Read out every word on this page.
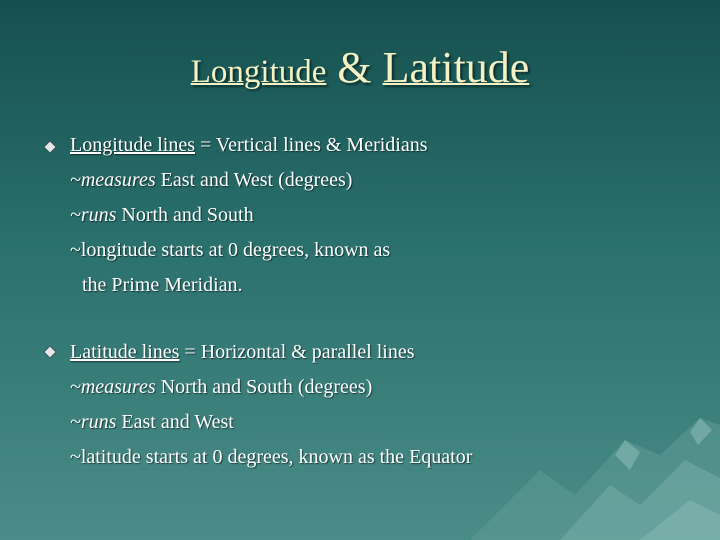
Longitude & Latitude
Longitude lines = Vertical lines & Meridians
~measures East and West (degrees)
~runs North and South
~longitude starts at 0 degrees, known as
the Prime Meridian.
Latitude lines = Horizontal & parallel lines
~measures North and South (degrees)
~runs East and West
~latitude starts at 0 degrees, known as the Equator
